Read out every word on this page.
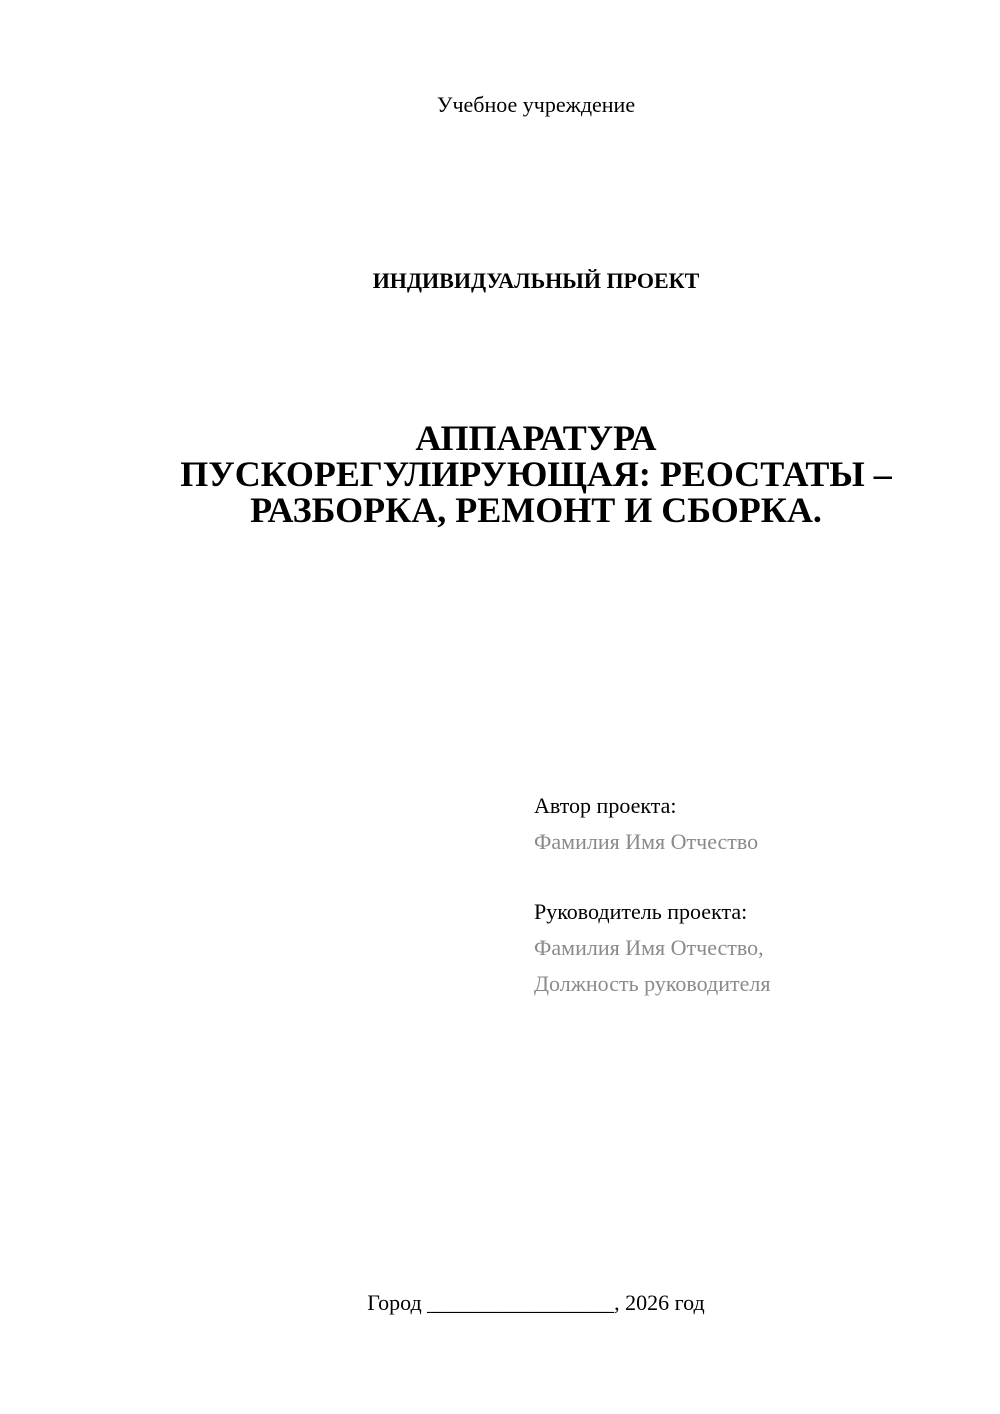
Учебное учреждение
ИНДИВИДУАЛЬНЫЙ ПРОЕКТ
АППАРАТУРА
ПУСКОРЕГУЛИРУЮЩАЯ: РЕОСТАТЫ –
РАЗБОРКА, РЕМОНТ И СБОРКА.
Автор проекта:
Фамилия Имя Отчество
Руководитель проекта:
Фамилия Имя Отчество,
Должность руководителя
Город _________________, 2026 год
